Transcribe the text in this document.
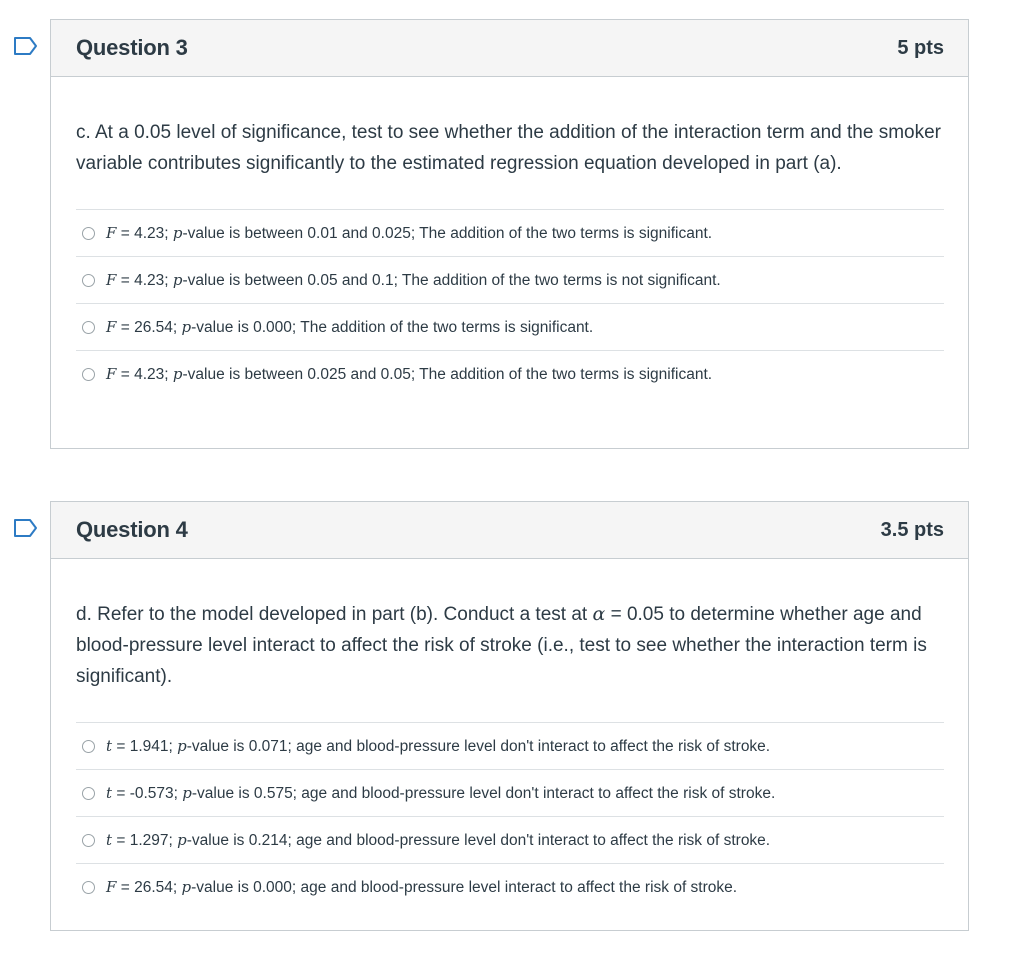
Question 3	5 pts

c. At a 0.05 level of significance, test to see whether the addition of the interaction term and the smoker variable contributes significantly to the estimated regression equation developed in part (a).

F = 4.23; p-value is between 0.01 and 0.025; The addition of the two terms is significant.
F = 4.23; p-value is between 0.05 and 0.1; The addition of the two terms is not significant.
F = 26.54; p-value is 0.000; The addition of the two terms is significant.
F = 4.23; p-value is between 0.025 and 0.05; The addition of the two terms is significant.
Question 4	3.5 pts

d. Refer to the model developed in part (b). Conduct a test at α = 0.05 to determine whether age and blood-pressure level interact to affect the risk of stroke (i.e., test to see whether the interaction term is significant).

t = 1.941; p-value is 0.071; age and blood-pressure level don't interact to affect the risk of stroke.
t = -0.573; p-value is 0.575; age and blood-pressure level don't interact to affect the risk of stroke.
t = 1.297; p-value is 0.214; age and blood-pressure level don't interact to affect the risk of stroke.
F = 26.54; p-value is 0.000; age and blood-pressure level interact to affect the risk of stroke.
